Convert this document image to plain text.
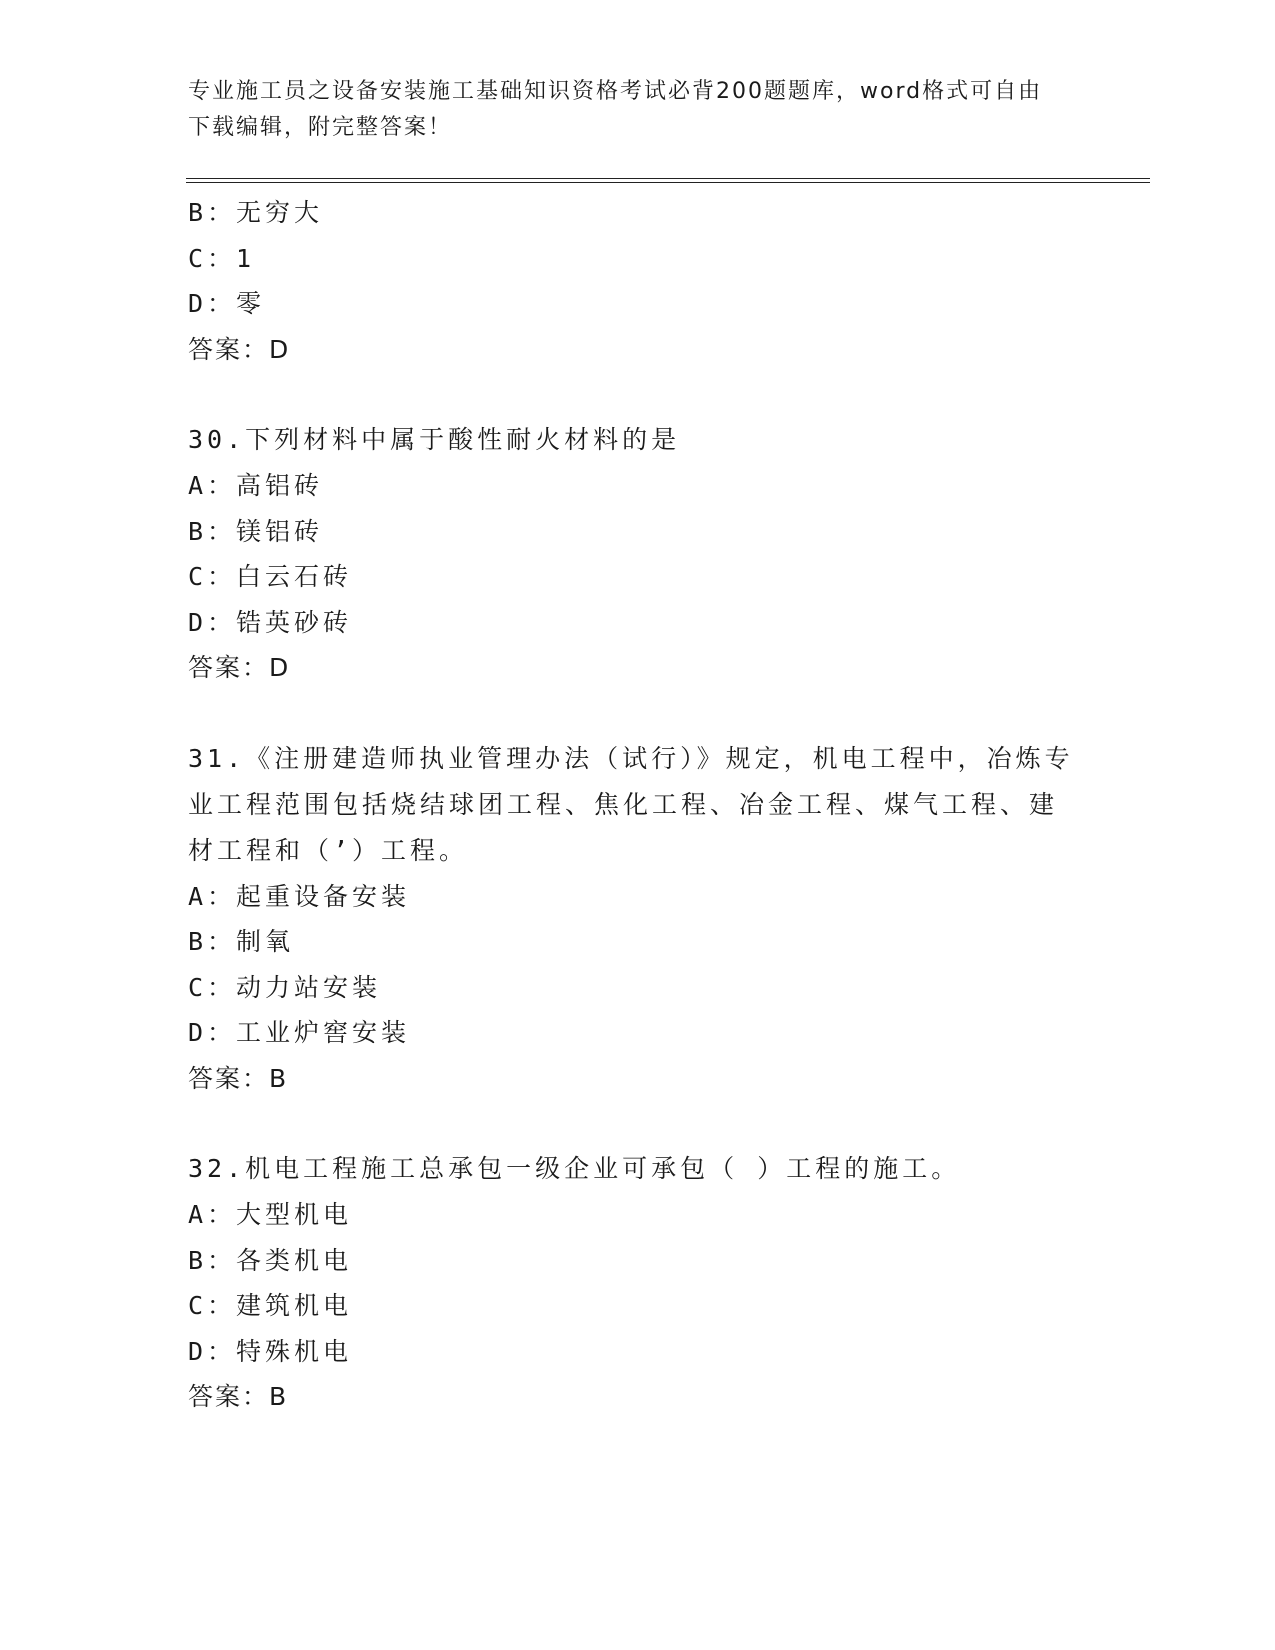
专业施工员之设备安装施工基础知识资格考试必背200题题库，word格式可自由
下载编辑，附完整答案！
B：无穷大
C：1
D：零
答案：D
30.下列材料中属于酸性耐火材料的是
A：高铝砖
B：镁铝砖
C：白云石砖
D：锆英砂砖
答案：D
31.《注册建造师执业管理办法（试行）》规定，机电工程中，冶炼专
业工程范围包括烧结球团工程、焦化工程、冶金工程、煤气工程、建
材工程和（’）工程。
A：起重设备安装
B：制氧
C：动力站安装
D：工业炉窖安装
答案：B
32.机电工程施工总承包一级企业可承包（ ）工程的施工。
A：大型机电
B：各类机电
C：建筑机电
D：特殊机电
答案：B
